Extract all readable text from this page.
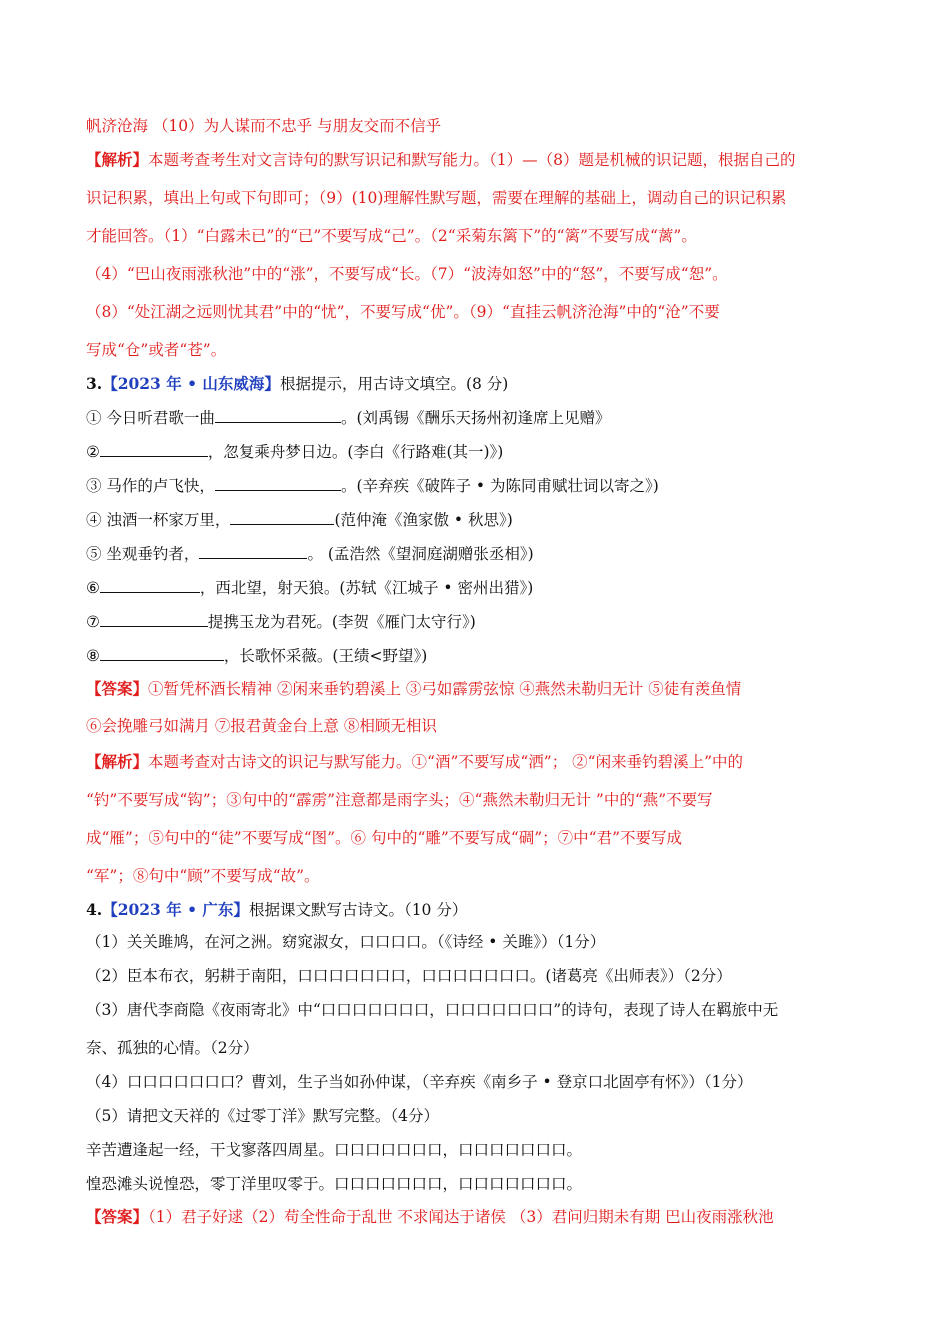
帆济沧海 （10）为人谋而不忠乎 与朋友交而不信乎
【解析】本题考查考生对文言诗句的默写识记和默写能力。（1）—（8）题是机械的识记题，根据自己的
识记积累，填出上句或下句即可；（9）(10)理解性默写题，需要在理解的基础上，调动自己的识记积累
才能回答。（1）“白露未已”的“已”不要写成“己”。（2“采菊东篱下”的“篱”不要写成“蓠”。
（4）“巴山夜雨涨秋池”中的“涨”，不要写成“长。（7）“波涛如怒”中的“怒”，不要写成“恕”。
（8）“处江湖之远则忧其君”中的“忧”，不要写成“优”。（9）“直挂云帆济沧海”中的“沧”不要
写成“仓”或者“苍”。
3.【2023 年 • 山东威海】根据提示，用古诗文填空。(8 分)
① 今日听君歌一曲	。(刘禹锡《酬乐天扬州初逢席上见赠》
②	，忽复乘舟梦日边。(李白《行路难(其一)》)
③ 马作的卢飞快，	。(辛弃疾《破阵子 • 为陈同甫赋壮词以寄之》)
④ 浊酒一杯家万里，	(范仲淹《渔家傲 • 秋思》)
⑤ 坐观垂钓者，	。 (孟浩然《望洞庭湖赠张丞相》)
⑥	，西北望，射天狼。(苏轼《江城子 • 密州出猎》)
⑦	提携玉龙为君死。(李贺《雁门太守行》)
⑧	，长歌怀采薇。(王绩<野望》)
【答案】①暂凭杯酒长精神 ②闲来垂钓碧溪上 ③弓如霹雳弦惊 ④燕然未勒归无计 ⑤徒有羡鱼情
⑥会挽雕弓如满月 ⑦报君黄金台上意 ⑧相顾无相识
【解析】本题考查对古诗文的识记与默写能力。①“酒”不要写成“洒”； ②“闲来垂钓碧溪上”中的
“钓”不要写成“钩”；③句中的“霹雳”注意都是雨字头；④“燕然未勒归无计 ”中的“燕”不要写
成“雁”；⑤句中的“徒”不要写成“图”。⑥ 句中的“雕”不要写成“碉”；⑦中“君”不要写成
“军”；⑧句中“顾”不要写成“故”。
4.【2023 年 • 广东】根据课文默写古诗文。（10 分）
（1）关关雎鸠，在河之洲。窈窕淑女，口口口口。（《诗经 • 关雎》）（1分）
（2）臣本布衣，躬耕于南阳，口口口口口口口，口口口口口口口。(诸葛亮《出师表》）（2分）
（3）唐代李商隐《夜雨寄北》中“口口口口口口口，口口口口口口口”的诗句，表现了诗人在羁旅中无
奈、孤独的心情。（2分）
（4）口口口口口口口？曹刘，生子当如孙仲谋，（辛弃疾《南乡子 • 登京口北固亭有怀》）（1分）
（5）请把文天祥的《过零丁洋》默写完整。（4分）
辛苦遭逢起一经，干戈寥落四周星。口口口口口口口，口口口口口口口。
惶恐滩头说惶恐，零丁洋里叹零于。口口口口口口口，口口口口口口口。
【答案】（1）君子好逑（2）苟全性命于乱世 不求闻达于诸侯 （3）君问归期未有期 巴山夜雨涨秋池
